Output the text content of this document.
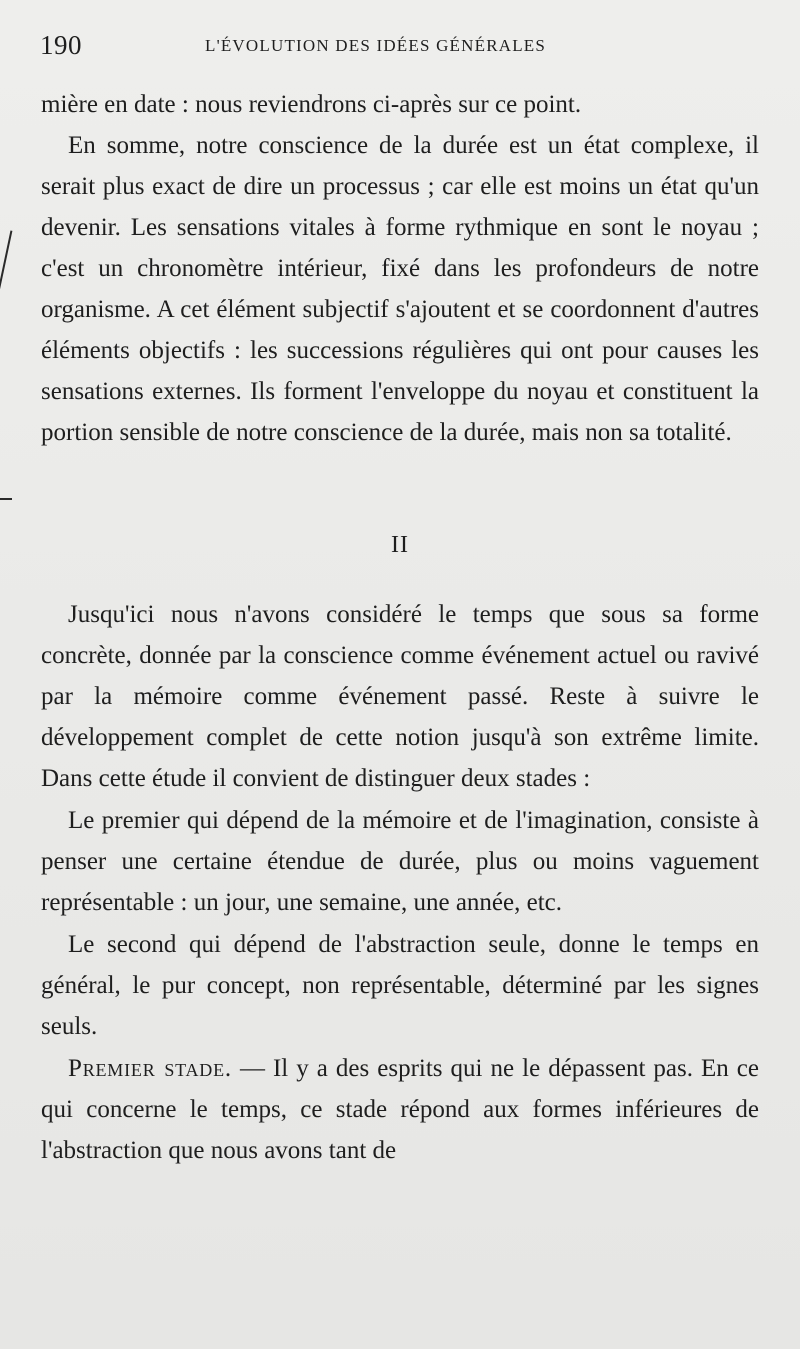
190	L'ÉVOLUTION DES IDÉES GÉNÉRALES

mière en date : nous reviendrons ci-après sur ce point.

En somme, notre conscience de la durée est un état complexe, il serait plus exact de dire un processus ; car elle est moins un état qu'un devenir. Les sensations vitales à forme rythmique en sont le noyau ; c'est un chronomètre intérieur, fixé dans les profondeurs de notre organisme. A cet élément subjectif s'ajoutent et se coordonnent d'autres éléments objectifs : les successions régulières qui ont pour causes les sensations externes. Ils forment l'enveloppe du noyau et constituent la portion sensible de notre conscience de la durée, mais non sa totalité.

II

Jusqu'ici nous n'avons considéré le temps que sous sa forme concrète, donnée par la conscience comme événement actuel ou ravivé par la mémoire comme événement passé. Reste à suivre le développement complet de cette notion jusqu'à son extrême limite. Dans cette étude il convient de distinguer deux stades :

Le premier qui dépend de la mémoire et de l'imagination, consiste à penser une certaine étendue de durée, plus ou moins vaguement représentable : un jour, une semaine, une année, etc.

Le second qui dépend de l'abstraction seule, donne le temps en général, le pur concept, non représentable, déterminé par les signes seuls.

Premier stade. — Il y a des esprits qui ne le dépassent pas. En ce qui concerne le temps, ce stade répond aux formes inférieures de l'abstraction que nous avons tant de
